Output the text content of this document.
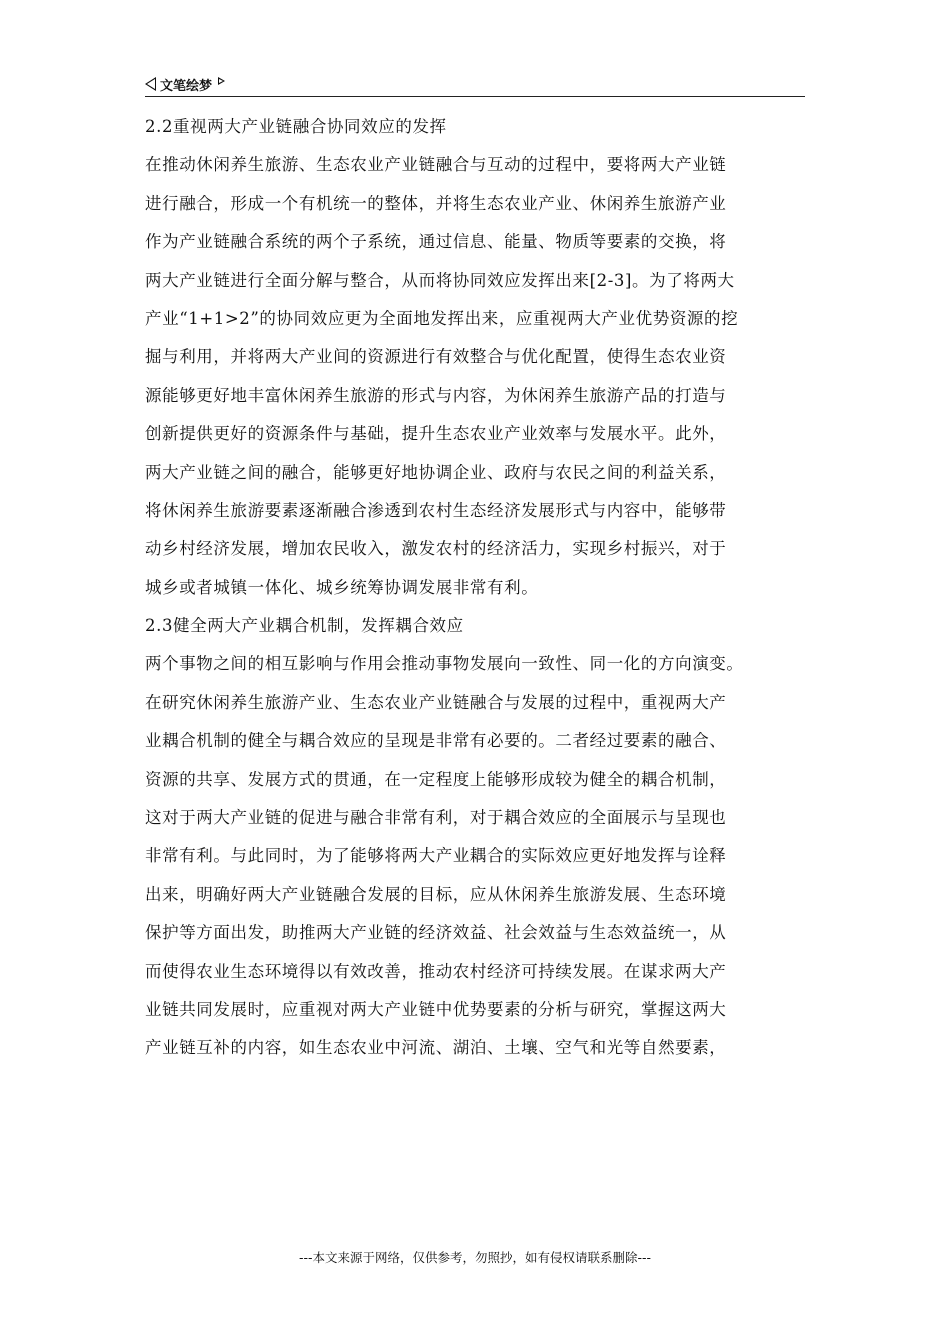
文笔绘梦
2.2重视两大产业链融合协同效应的发挥
在推动休闲养生旅游、生态农业产业链融合与互动的过程中，要将两大产业链
进行融合，形成一个有机统一的整体，并将生态农业产业、休闲养生旅游产业
作为产业链融合系统的两个子系统，通过信息、能量、物质等要素的交换，将
两大产业链进行全面分解与整合，从而将协同效应发挥出来[2-3]。为了将两大
产业“1+1>2”的协同效应更为全面地发挥出来，应重视两大产业优势资源的挖
掘与利用，并将两大产业间的资源进行有效整合与优化配置，使得生态农业资
源能够更好地丰富休闲养生旅游的形式与内容，为休闲养生旅游产品的打造与
创新提供更好的资源条件与基础，提升生态农业产业效率与发展水平。此外，
两大产业链之间的融合，能够更好地协调企业、政府与农民之间的利益关系，
将休闲养生旅游要素逐渐融合渗透到农村生态经济发展形式与内容中，能够带
动乡村经济发展，增加农民收入，激发农村的经济活力，实现乡村振兴，对于
城乡或者城镇一体化、城乡统筹协调发展非常有利。
2.3健全两大产业耦合机制，发挥耦合效应
两个事物之间的相互影响与作用会推动事物发展向一致性、同一化的方向演变。
在研究休闲养生旅游产业、生态农业产业链融合与发展的过程中，重视两大产
业耦合机制的健全与耦合效应的呈现是非常有必要的。二者经过要素的融合、
资源的共享、发展方式的贯通，在一定程度上能够形成较为健全的耦合机制，
这对于两大产业链的促进与融合非常有利，对于耦合效应的全面展示与呈现也
非常有利。与此同时，为了能够将两大产业耦合的实际效应更好地发挥与诠释
出来，明确好两大产业链融合发展的目标，应从休闲养生旅游发展、生态环境
保护等方面出发，助推两大产业链的经济效益、社会效益与生态效益统一，从
而使得农业生态环境得以有效改善，推动农村经济可持续发展。在谋求两大产
业链共同发展时，应重视对两大产业链中优势要素的分析与研究，掌握这两大
产业链互补的内容，如生态农业中河流、湖泊、土壤、空气和光等自然要素，
---本文来源于网络，仅供参考，勿照抄，如有侵权请联系删除---
